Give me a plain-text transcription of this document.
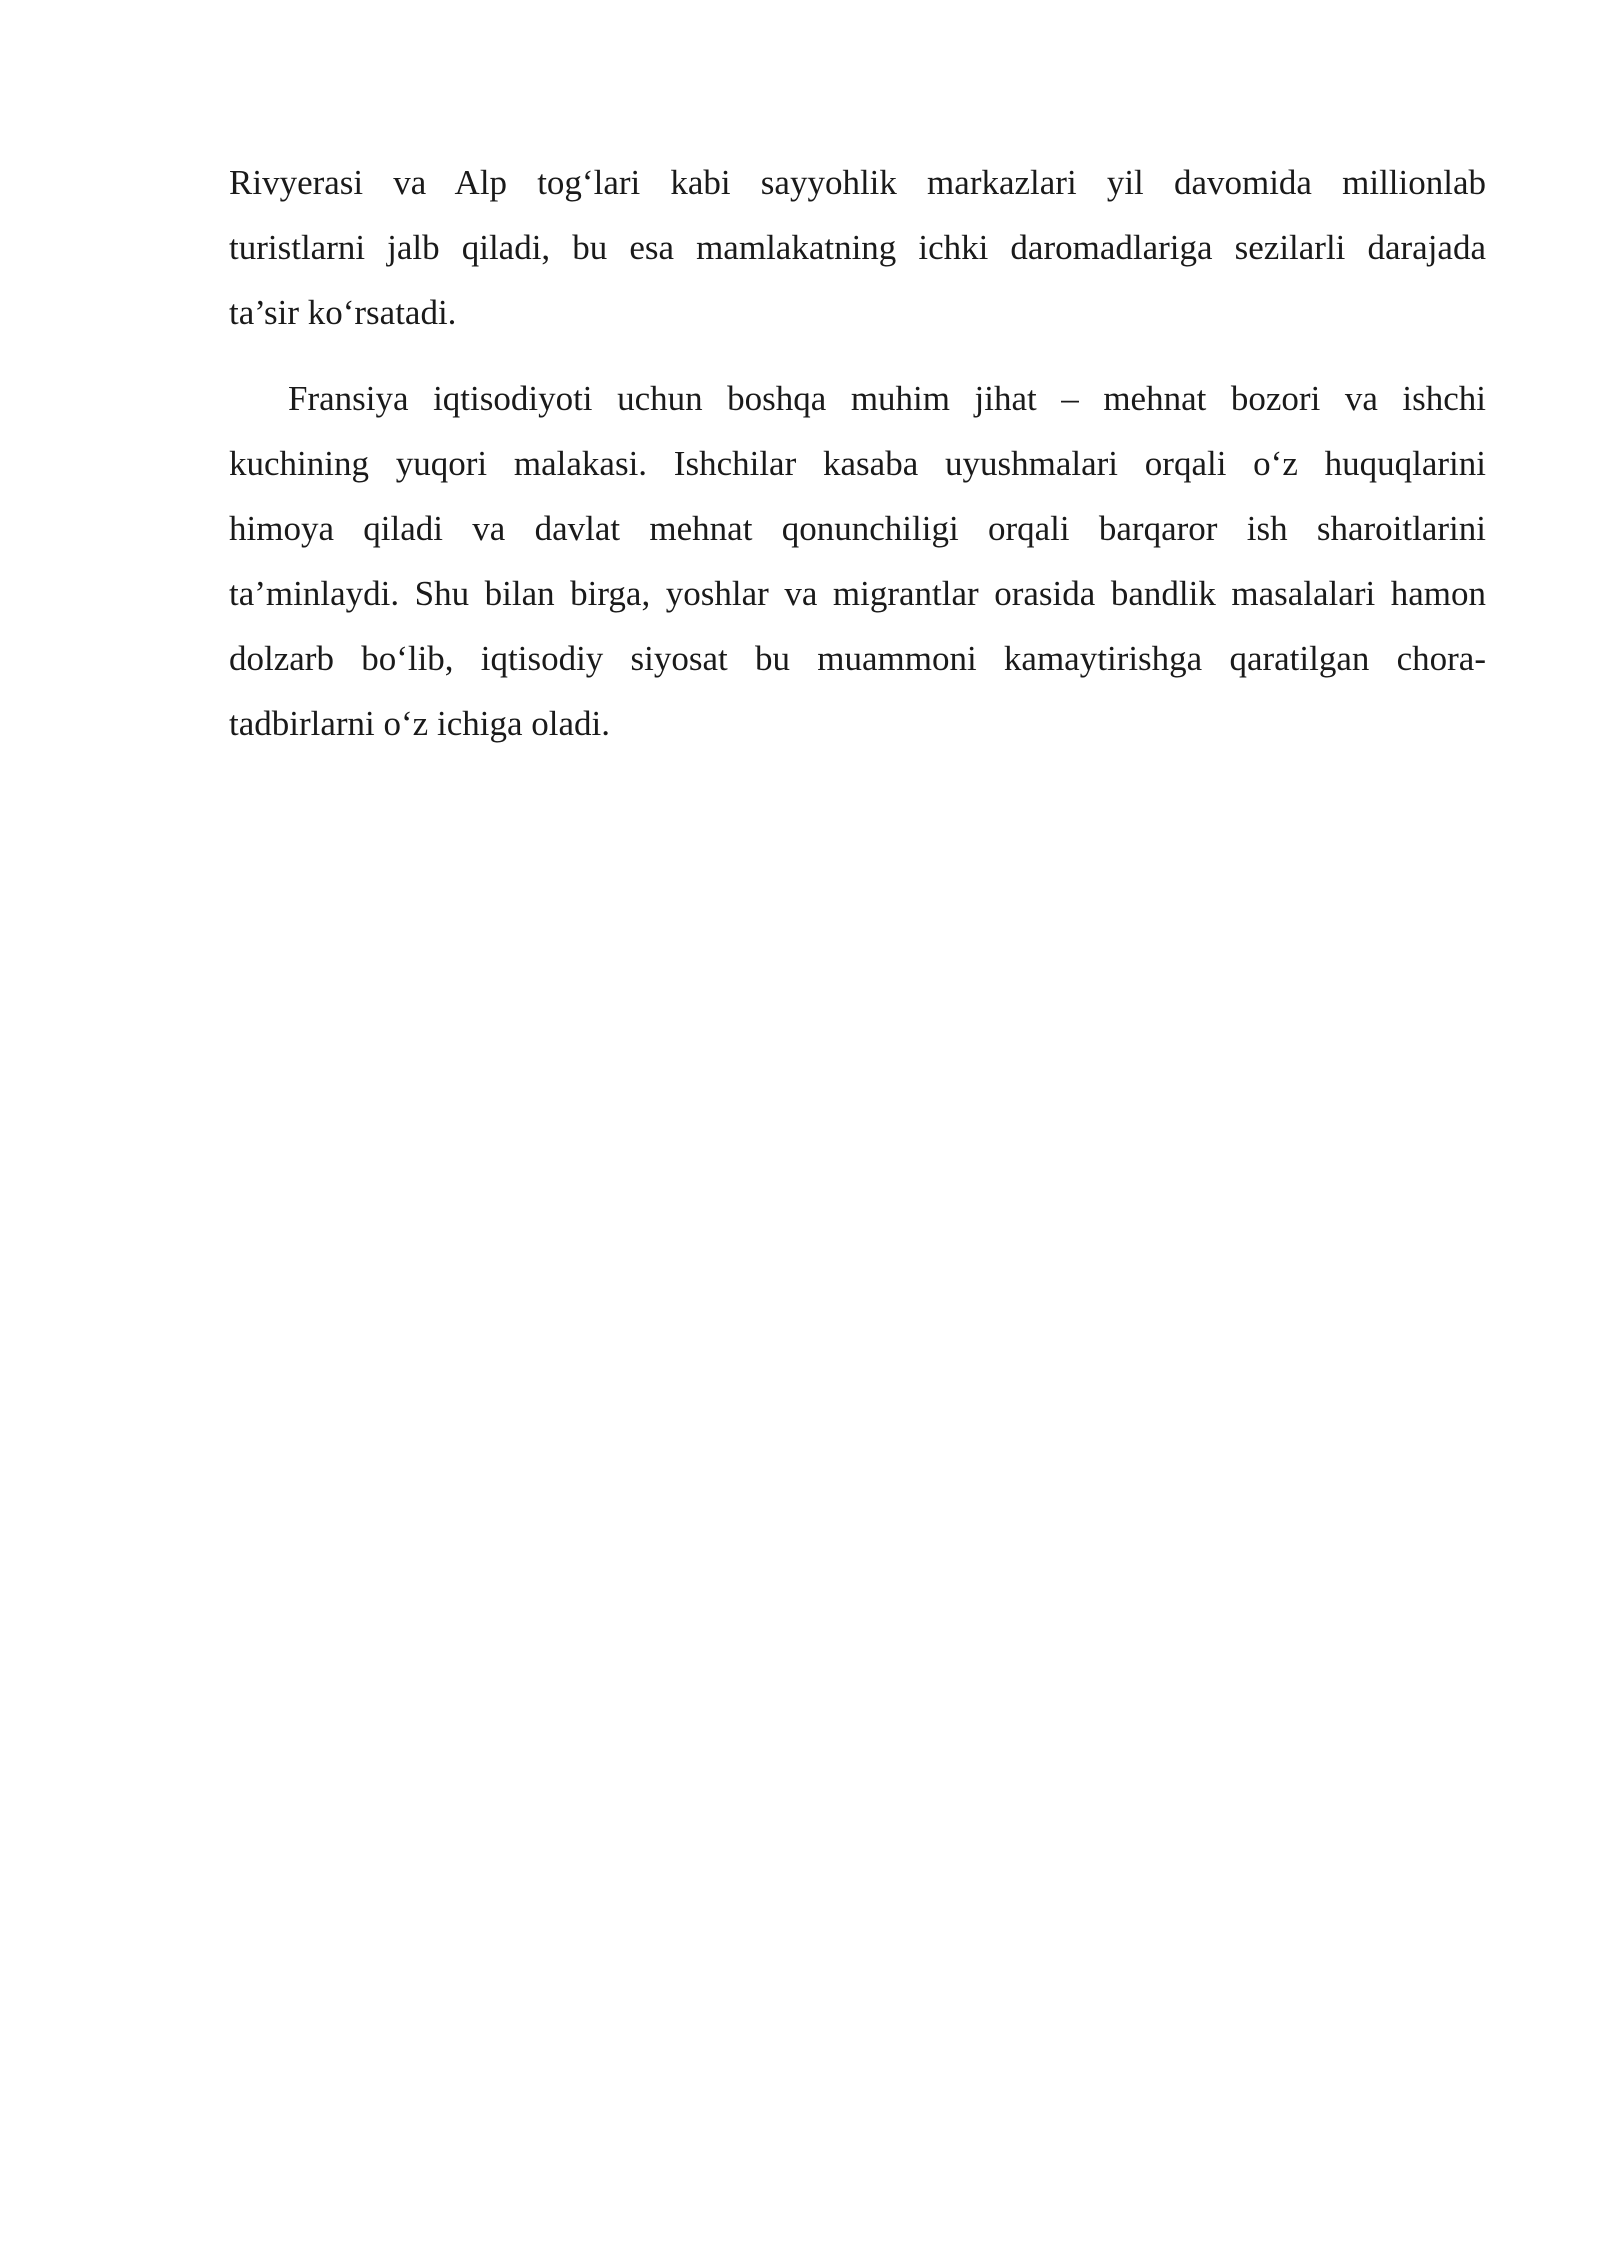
Rivyerasi va Alp tog‘lari kabi sayyohlik markazlari yil davomida millionlab
turistlarni jalb qiladi, bu esa mamlakatning ichki daromadlariga sezilarli darajada
ta’sir ko‘rsatadi.
Fransiya iqtisodiyoti uchun boshqa muhim jihat – mehnat bozori va ishchi
kuchining yuqori malakasi. Ishchilar kasaba uyushmalari orqali o‘z huquqlarini
himoya qiladi va davlat mehnat qonunchiligi orqali barqaror ish sharoitlarini
ta’minlaydi. Shu bilan birga, yoshlar va migrantlar orasida bandlik masalalari hamon
dolzarb bo‘lib, iqtisodiy siyosat bu muammoni kamaytirishga qaratilgan chora-
tadbirlarni o‘z ichiga oladi.
